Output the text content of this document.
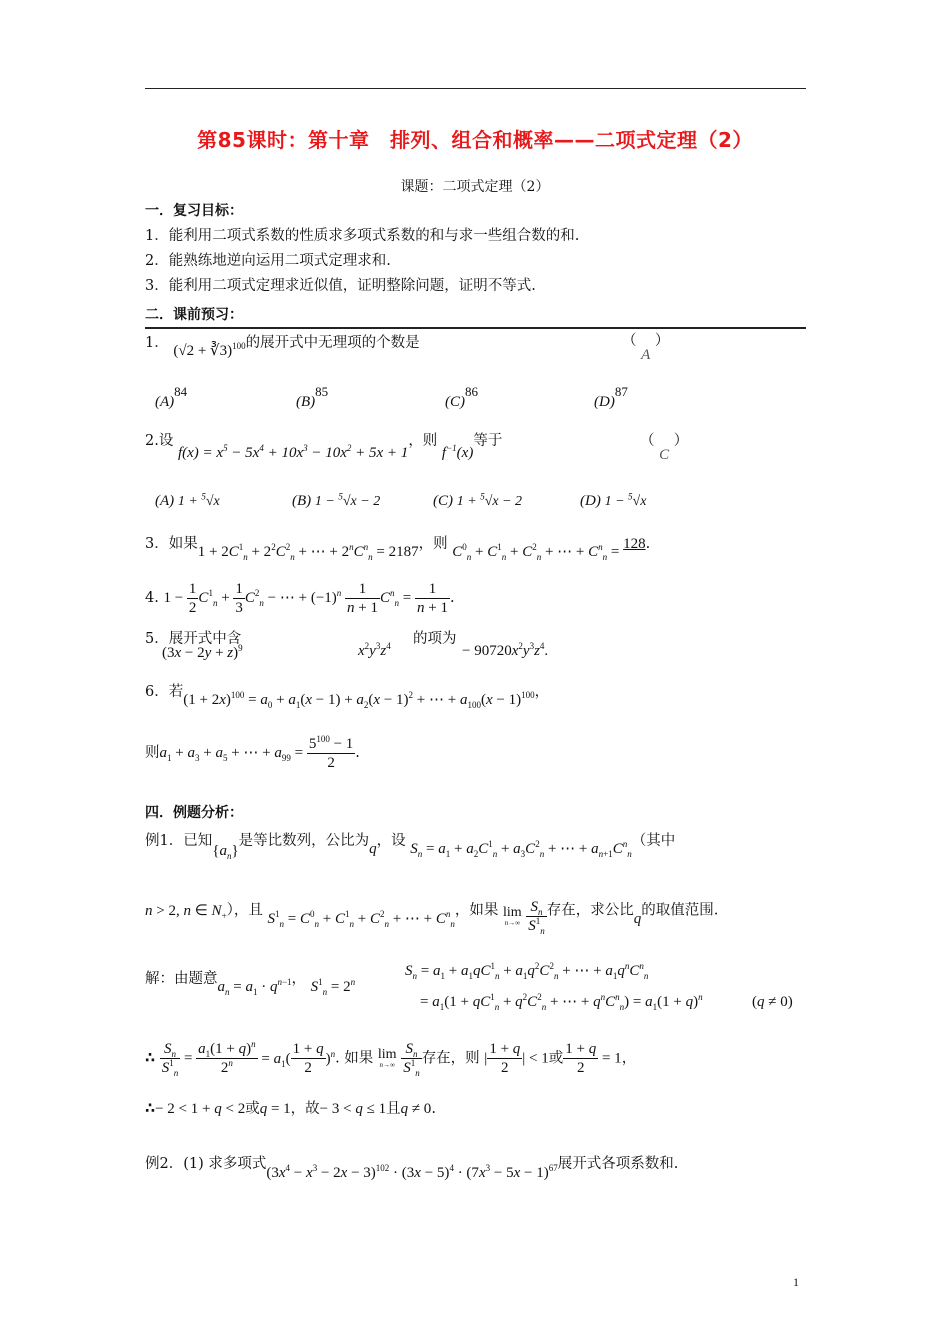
第85课时：第十章　排列、组合和概率——二项式定理（2）
课题：二项式定理（2）
一．复习目标：
1．能利用二项式系数的性质求多项式系数的和与求一些组合数的和.
2．能熟练地逆向运用二项式定理求和.
3．能利用二项式定理求近似值，证明整除问题，证明不等式.
二．课前预习：
1． (√2 + ∛3)$^{100}$的展开式中无理项的个数是	（ A ）
$(A)^{84}$
$(B)^{85}$
$(C)^{86}$
$(D)^{87}$
2.设 $f(x) = x^5 - 5x^4 + 10x^3 - 10x^2 + 5x + 1$，则 $f^{-1}(x)$等于	（ C ）
(A) 1 + $^5$√x	(B) 1 − $^5$√x − 2	(C) 1 + $^5$√x − 2	(D) 1 − $^5$√x
3．如果$1 + 2C^1_n + 2^2C^2_n$ + ⋯ + $2^nC^n_n = 2187$，则 $C^0_n + C^1_n + C^2_n$ + ⋯ + $C^n_n = 128$.
4. $1 - \frac{1}{2} C^1_n + \frac{1}{3} C^2_n$ − ⋯ + $(-1)^n \frac{1}{n + 1} C^n_n = \frac{1}{n + 1}$ .
5．展开式中含
$(3x - 2y + z)^9$	$x^2y^3z^4$ 的项为
− $90720x^2y^3z^4$.
6．若$(1 + 2x)^{100} = a_0 + a_1(x - 1) + a_2(x - 1)^2$ + ⋯ + $a_{100}(x - 1)^{100}$，
则$a_1 + a_3 + a_5$ + ⋯ + $a_{99} = \frac{5^{100} - 1}{2}$ .
四．例题分析：
例1．已知$\{a_n\}$是等比数列，公比为q，设 $S_n = a_1 + a_2C^1_n + a_3C^2_n$ + ⋯ + $a_{n+1}C^n_n$（其中
n > 2, n ∈ $N_+$），且 $S^1_n = C^0_n + C^1_n + C^2_n$ + ⋯ + $C^n_n$，如果 lim
n→∞
$\frac{S_n}{S^1_n}$ 存在，求公比q的取值范围.
解：由题意$a_n = a_1 \cdot q^{n-1}$， $S^1_n = 2^n$
$S_n = a_1 + a_1qC^1_n + a_1q^2C^2_n$ + ⋯ + $a_1q^nC^n_n$
= $a_1(1 + qC^1_n + q^2C^2_n$ + ⋯ + $q^nC^n_n) = a_1(1 + q)^n$	(q ≠ 0)
∴ $\frac{S_n}{S^1_n} = \frac{a_1(1 + q)^n}{2^n} = a_1( \frac{1 + q}{2} )^n$. 如果 lim
n→∞
$\frac{S_n}{S^1_n}$ 存在，则 | $\frac{1 + q}{2}$ | < 1或 $\frac{1 + q}{2} = 1$，
∴− 2 < 1 + q < 2或q = 1，故− 3 < q ≤ 1且q ≠ 0.
例2．(1) 求多项式$(3x^4 - x^3 - 2x - 3)^{102} \cdot (3x - 5)^4 \cdot (7x^3 - 5x - 1)^{67}$展开式各项系数和.
1
